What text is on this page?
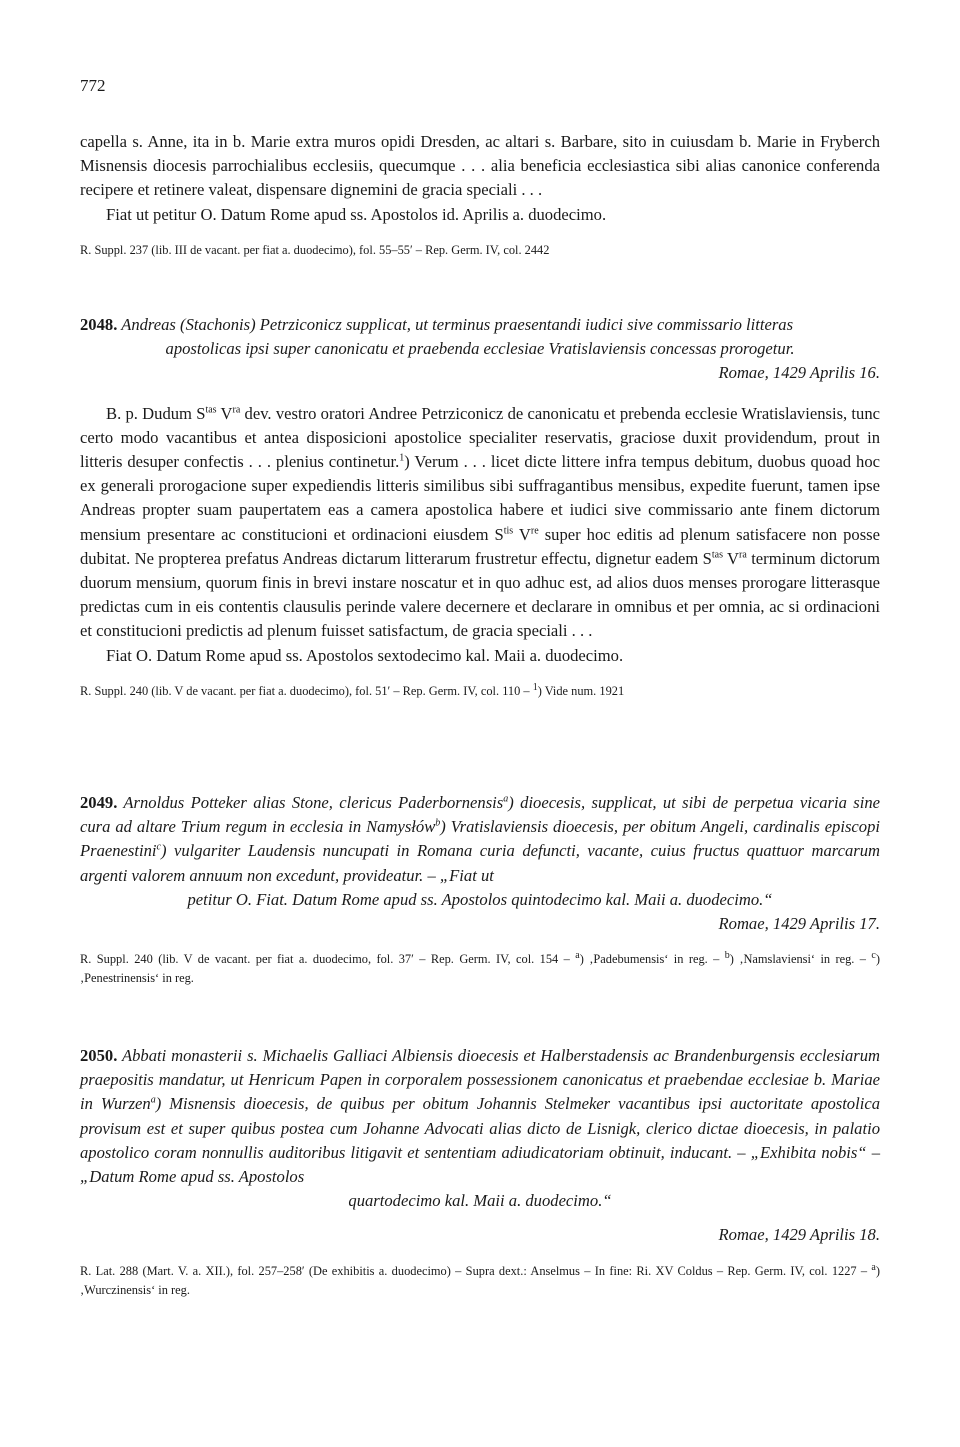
772

capella s. Anne, ita in b. Marie extra muros opidi Dresden, ac altari s. Barbare, sito in cuiusdam b. Marie in Fryberch Misnensis diocesis parrochialibus ecclesiis, quecumque . . . alia beneficia ecclesiastica sibi alias canonice conferenda recipere et retinere valeat, dispensare dignemini de gracia speciali . . .

Fiat ut petitur O. Datum Rome apud ss. Apostolos id. Aprilis a. duodecimo.

R. Suppl. 237 (lib. III de vacant. per fiat a. duodecimo), fol. 55–55′ – Rep. Germ. IV, col. 2442

2048. Andreas (Stachonis) Petrziconicz supplicat, ut terminus praesentandi iudici sive commissario litteras

apostolicas ipsi super canonicatu et praebenda ecclesiae Vratislaviensis concessas prorogetur.

Romae, 1429 Aprilis 16.

B. p. Dudum $S^{tas}$ $V^{ra}$ dev. vestro oratori Andree Petrziconicz de canonicatu et prebenda ecclesie Wratislaviensis, tunc certo modo vacantibus et antea disposicioni apostolice specialiter reservatis, graciose duxit providendum, prout in litteris desuper confectis . . . plenius continetur.$^1$) Verum . . . licet dicte littere infra tempus debitum, duobus quoad hoc ex generali prorogacione super expediendis litteris similibus sibi suffragantibus mensibus, expedite fuerunt, tamen ipse Andreas propter suam paupertatem eas a camera apostolica habere et iudici sive commissario ante finem dictorum mensium presentare ac constitucioni et ordinacioni eiusdem $S^{tis}$ Vre super hoc editis ad plenum satisfacere non posse dubitat. Ne propterea prefatus Andreas dictarum litterarum frustretur effectu, dignetur eadem $S^{tas}$ $V^{ra}$ terminum dictorum duorum mensium, quorum finis in brevi instare noscatur et in quo adhuc est, ad alios duos menses prorogare litterasque predictas cum in eis contentis clausulis perinde valere decernere et declarare in omnibus et per omnia, ac si ordinacioni et constitucioni predictis ad plenum fuisset satisfactum, de gracia speciali . . .

Fiat O. Datum Rome apud ss. Apostolos sextodecimo kal. Maii a. duodecimo.

R. Suppl. 240 (lib. V de vacant. per fiat a. duodecimo), fol. 51′ – Rep. Germ. IV, col. 110 – $^1$) Vide num. 1921

2049. Arnoldus Potteker alias Stone, clericus Paderbornensis$^a$) dioecesis, supplicat, ut sibi de perpetua vicaria sine cura ad altare Trium regum in ecclesia in Namysłów$^b$) Vratislaviensis dioecesis, per obitum Angeli, cardinalis episcopi Praenestini$^c$) vulgariter Laudensis nuncupati in Romana curia defuncti, vacante, cuius fructus quattuor marcarum argenti valorem annuum non excedunt, provideatur. – „Fiat ut

petitur O. Fiat. Datum Rome apud ss. Apostolos quintodecimo kal. Maii a. duodecimo.“

Romae, 1429 Aprilis 17.

R. Suppl. 240 (lib. V de vacant. per fiat a. duodecimo, fol. 37′ – Rep. Germ. IV, col. 154 – $^a$) ‚Padebumensis‘ in reg. – $^b$) ‚Namslaviensi‘ in reg. – $^c$) ‚Penestrinensis‘ in reg.

2050. Abbati monasterii s. Michaelis Galliaci Albiensis dioecesis et Halberstadensis ac Brandenburgensis ecclesiarum praepositis mandatur, ut Henricum Papen in corporalem possessionem canonicatus et praebendae ecclesiae b. Mariae in Wurzen$^a$) Misnensis dioecesis, de quibus per obitum Johannis Stelmeker vacantibus ipsi auctoritate apostolica provisum est et super quibus postea cum Johanne Advocati alias dicto de Lisnigk, clerico dictae dioecesis, in palatio apostolico coram nonnullis auditoribus litigavit et sententiam adiudicatoriam obtinuit, inducant. – „Exhibita nobis“ – „Datum Rome apud ss. Apostolos

quartodecimo kal. Maii a. duodecimo.“

Romae, 1429 Aprilis 18.

R. Lat. 288 (Mart. V. a. XII.), fol. 257–258′ (De exhibitis a. duodecimo) – Supra dext.: Anselmus – In fine: Ri. XV Coldus – Rep. Germ. IV, col. 1227 – $^a$) ‚Wurczinensis‘ in reg.
